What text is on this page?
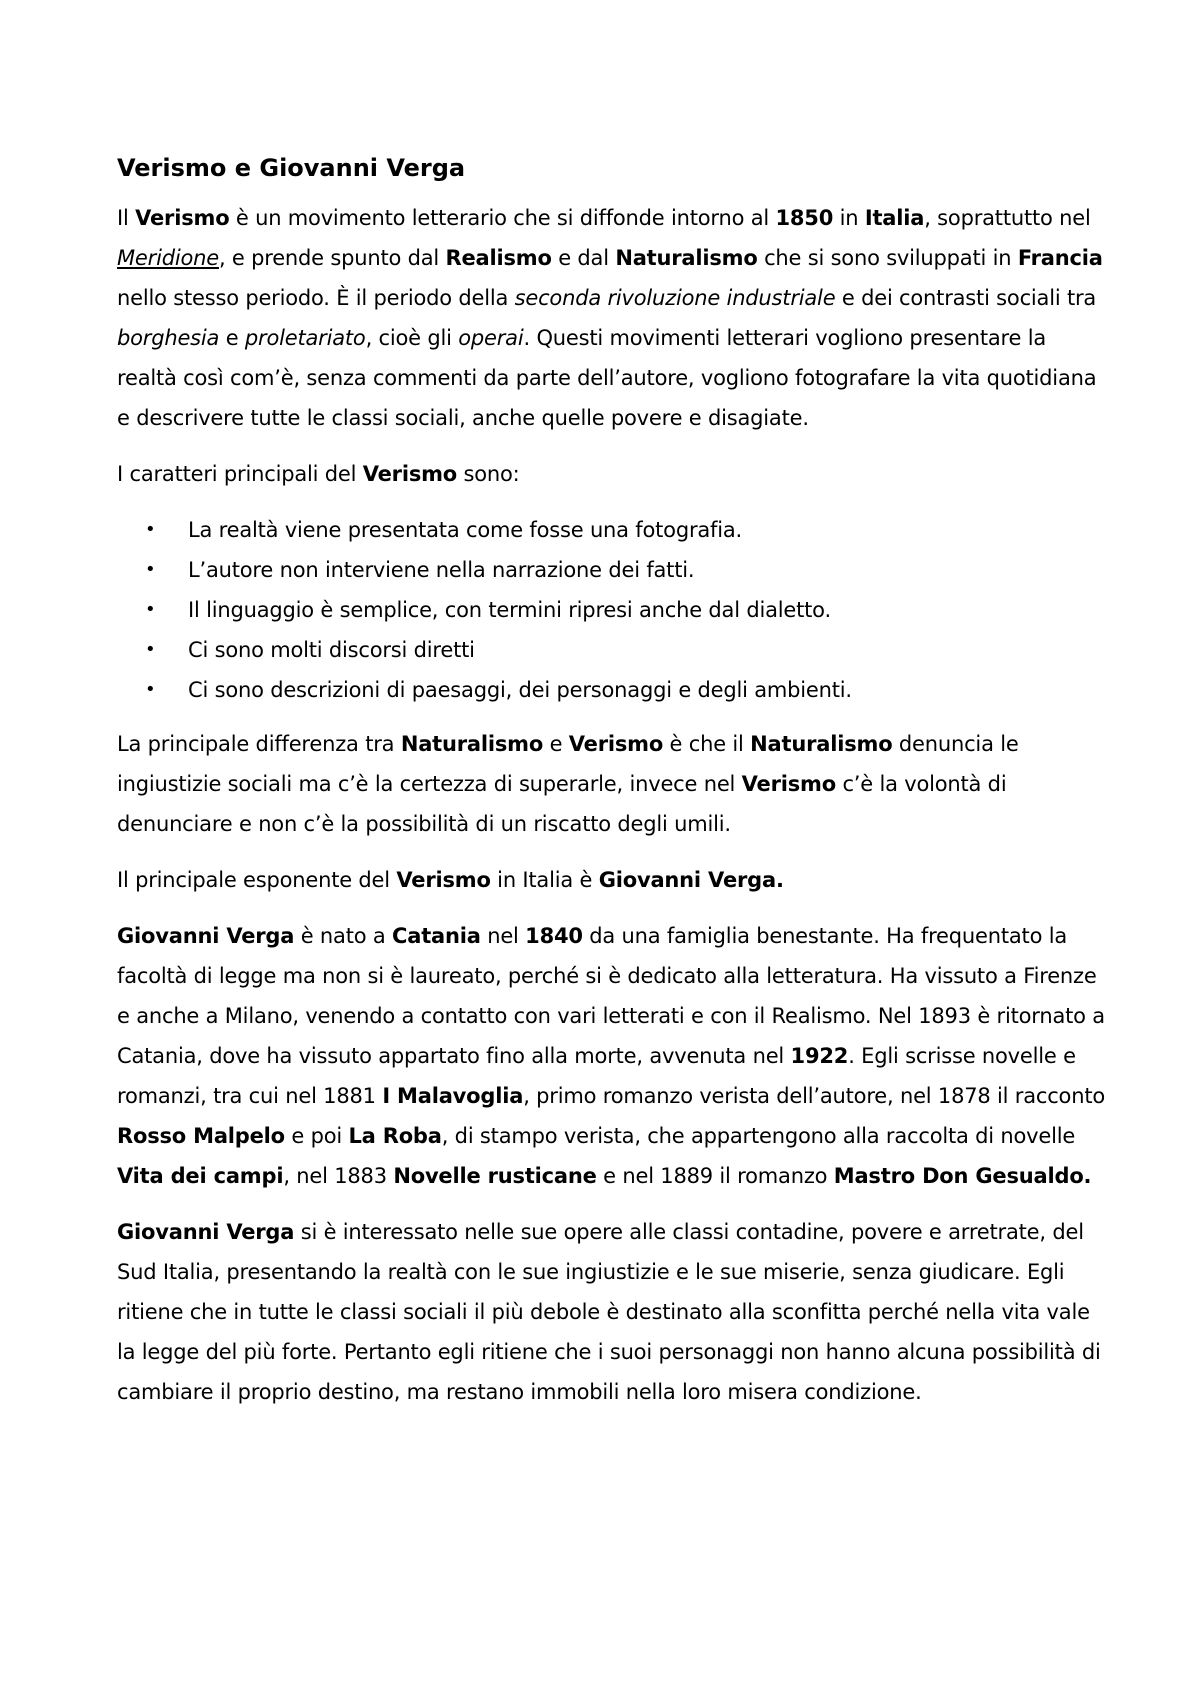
Verismo e Giovanni Verga

Il Verismo è un movimento letterario che si diffonde intorno al 1850 in Italia, soprattutto nel Meridione, e prende spunto dal Realismo e dal Naturalismo che si sono sviluppati in Francia nello stesso periodo. È il periodo della seconda rivoluzione industriale e dei contrasti sociali tra borghesia e proletariato, cioè gli operai. Questi movimenti letterari vogliono presentare la realtà così com’è, senza commenti da parte dell’autore, vogliono fotografare la vita quotidiana e descrivere tutte le classi sociali, anche quelle povere e disagiate.

I caratteri principali del Verismo sono:

• La realtà viene presentata come fosse una fotografia.
• L’autore non interviene nella narrazione dei fatti.
• Il linguaggio è semplice, con termini ripresi anche dal dialetto.
• Ci sono molti discorsi diretti
• Ci sono descrizioni di paesaggi, dei personaggi e degli ambienti.

La principale differenza tra Naturalismo e Verismo è che il Naturalismo denuncia le ingiustizie sociali ma c’è la certezza di superarle, invece nel Verismo c’è la volontà di denunciare e non c’è la possibilità di un riscatto degli umili.

Il principale esponente del Verismo in Italia è Giovanni Verga.

Giovanni Verga è nato a Catania nel 1840 da una famiglia benestante. Ha frequentato la facoltà di legge ma non si è laureato, perché si è dedicato alla letteratura. Ha vissuto a Firenze e anche a Milano, venendo a contatto con vari letterati e con il Realismo. Nel 1893 è ritornato a Catania, dove ha vissuto appartato fino alla morte, avvenuta nel 1922. Egli scrisse novelle e romanzi, tra cui nel 1881 I Malavoglia, primo romanzo verista dell’autore, nel 1878 il racconto Rosso Malpelo e poi La Roba, di stampo verista, che appartengono alla raccolta di novelle Vita dei campi, nel 1883 Novelle rusticane e nel 1889 il romanzo Mastro Don Gesualdo.

Giovanni Verga si è interessato nelle sue opere alle classi contadine, povere e arretrate, del Sud Italia, presentando la realtà con le sue ingiustizie e le sue miserie, senza giudicare. Egli ritiene che in tutte le classi sociali il più debole è destinato alla sconfitta perché nella vita vale la legge del più forte. Pertanto egli ritiene che i suoi personaggi non hanno alcuna possibilità di cambiare il proprio destino, ma restano immobili nella loro misera condizione.
